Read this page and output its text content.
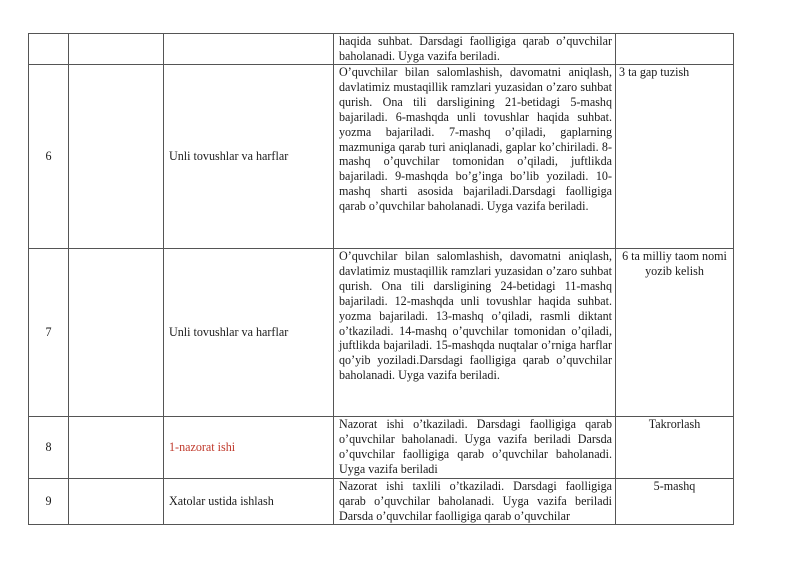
			haqida suhbat. Darsdagi faolligiga qarab o’quvchilar baholanadi. Uyga vazifa beriladi.	
6		Unli tovushlar va harflar	O’quvchilar bilan salomlashish, davomatni aniqlash, davlatimiz mustaqillik ramzlari yuzasidan o’zaro suhbat qurish. Ona tili darsligining 21-betidagi 5-mashq bajariladi. 6-mashqda unli tovushlar haqida suhbat. yozma bajariladi. 7-mashq o’qiladi, gaplarning mazmuniga qarab turi aniqlanadi, gaplar ko’chiriladi. 8-mashq o’quvchilar tomonidan o’qiladi, juftlikda bajariladi. 9-mashqda bo’g’inga bo’lib yoziladi. 10-mashq sharti asosida bajariladi.Darsdagi faolligiga qarab o’quvchilar baholanadi. Uyga vazifa beriladi.	3 ta gap tuzish
7		Unli tovushlar va harflar	O’quvchilar bilan salomlashish, davomatni aniqlash, davlatimiz mustaqillik ramzlari yuzasidan o’zaro suhbat qurish. Ona tili darsligining 24-betidagi 11-mashq bajariladi. 12-mashqda unli tovushlar haqida suhbat. yozma bajariladi. 13-mashq o’qiladi, rasmli diktant o’tkaziladi. 14-mashq o’quvchilar tomonidan o’qiladi, juftlikda bajariladi. 15-mashqda nuqtalar o’rniga harflar qo’yib yoziladi.Darsdagi faolligiga qarab o’quvchilar baholanadi. Uyga vazifa beriladi.	6 ta milliy taom nomi yozib kelish
8		1-nazorat ishi	Nazorat ishi o’tkaziladi. Darsdagi faolligiga qarab o’quvchilar baholanadi. Uyga vazifa beriladi Darsda o’quvchilar faolligiga qarab o’quvchilar baholanadi. Uyga vazifa beriladi	Takrorlash
9		Xatolar ustida ishlash	Nazorat ishi taxlili o’tkaziladi. Darsdagi faolligiga qarab o’quvchilar baholanadi. Uyga vazifa beriladi Darsda o’quvchilar faolligiga qarab o’quvchilar	5-mashq
